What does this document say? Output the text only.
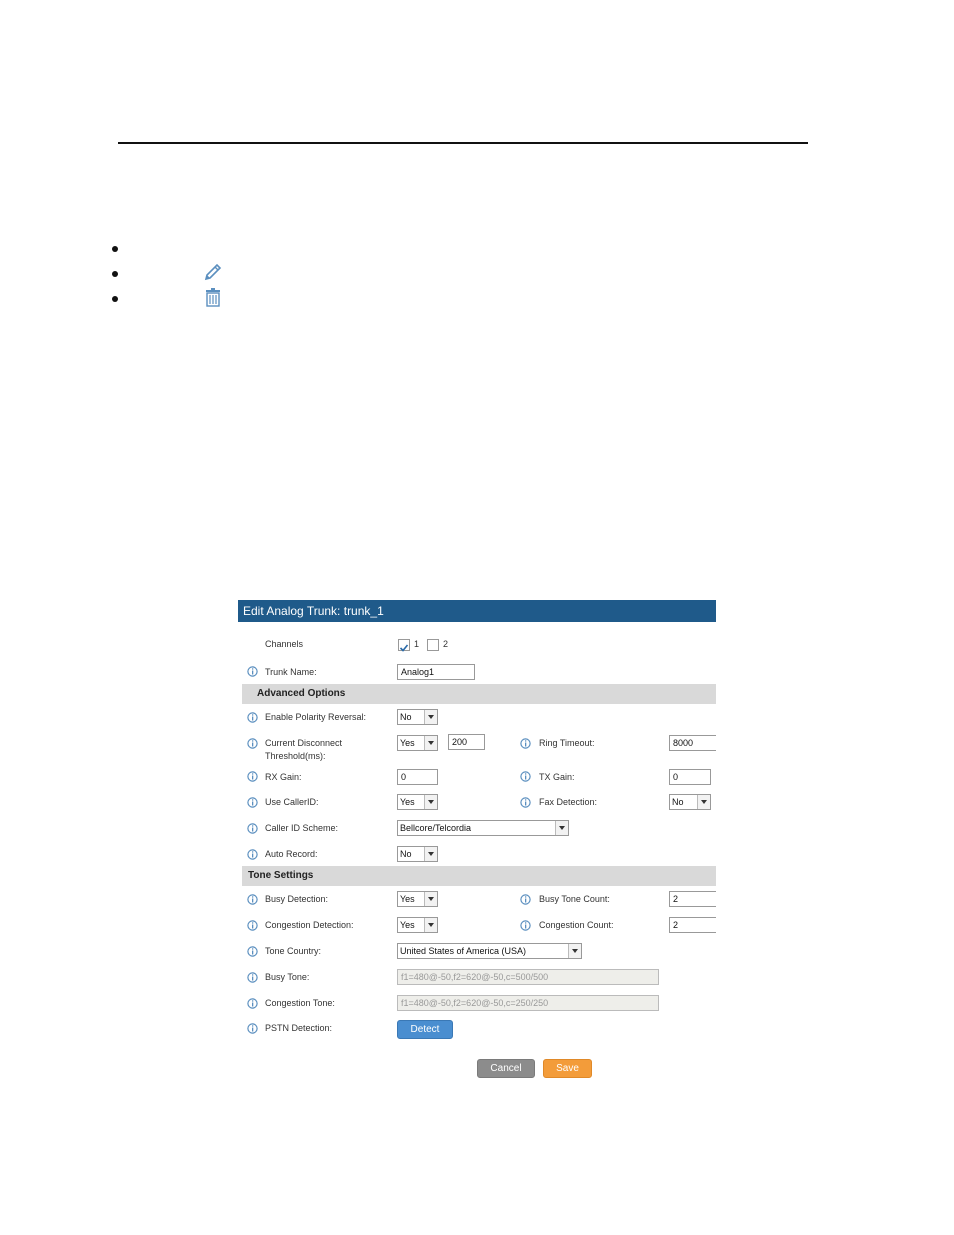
Edit Analog Trunk: trunk_1
Channels	1	2
Trunk Name:	Analog1
Advanced Options
Enable Polarity Reversal:	No
Current Disconnect
Threshold(ms):
Yes	200	Ring Timeout:	8000
RX Gain:	0	TX Gain:	0
Use CallerID:	Yes	Fax Detection:	No
Caller ID Scheme:	Bellcore/Telcordia
Auto Record:	No
Tone Settings
Busy Detection:	Yes	Busy Tone Count:	2
Congestion Detection:	Yes	Congestion Count:	2
Tone Country:	United States of America (USA)
Busy Tone:	f1=480@-50,f2=620@-50,c=500/500
Congestion Tone:	f1=480@-50,f2=620@-50,c=250/250
PSTN Detection:	Detect
Cancel	Save
